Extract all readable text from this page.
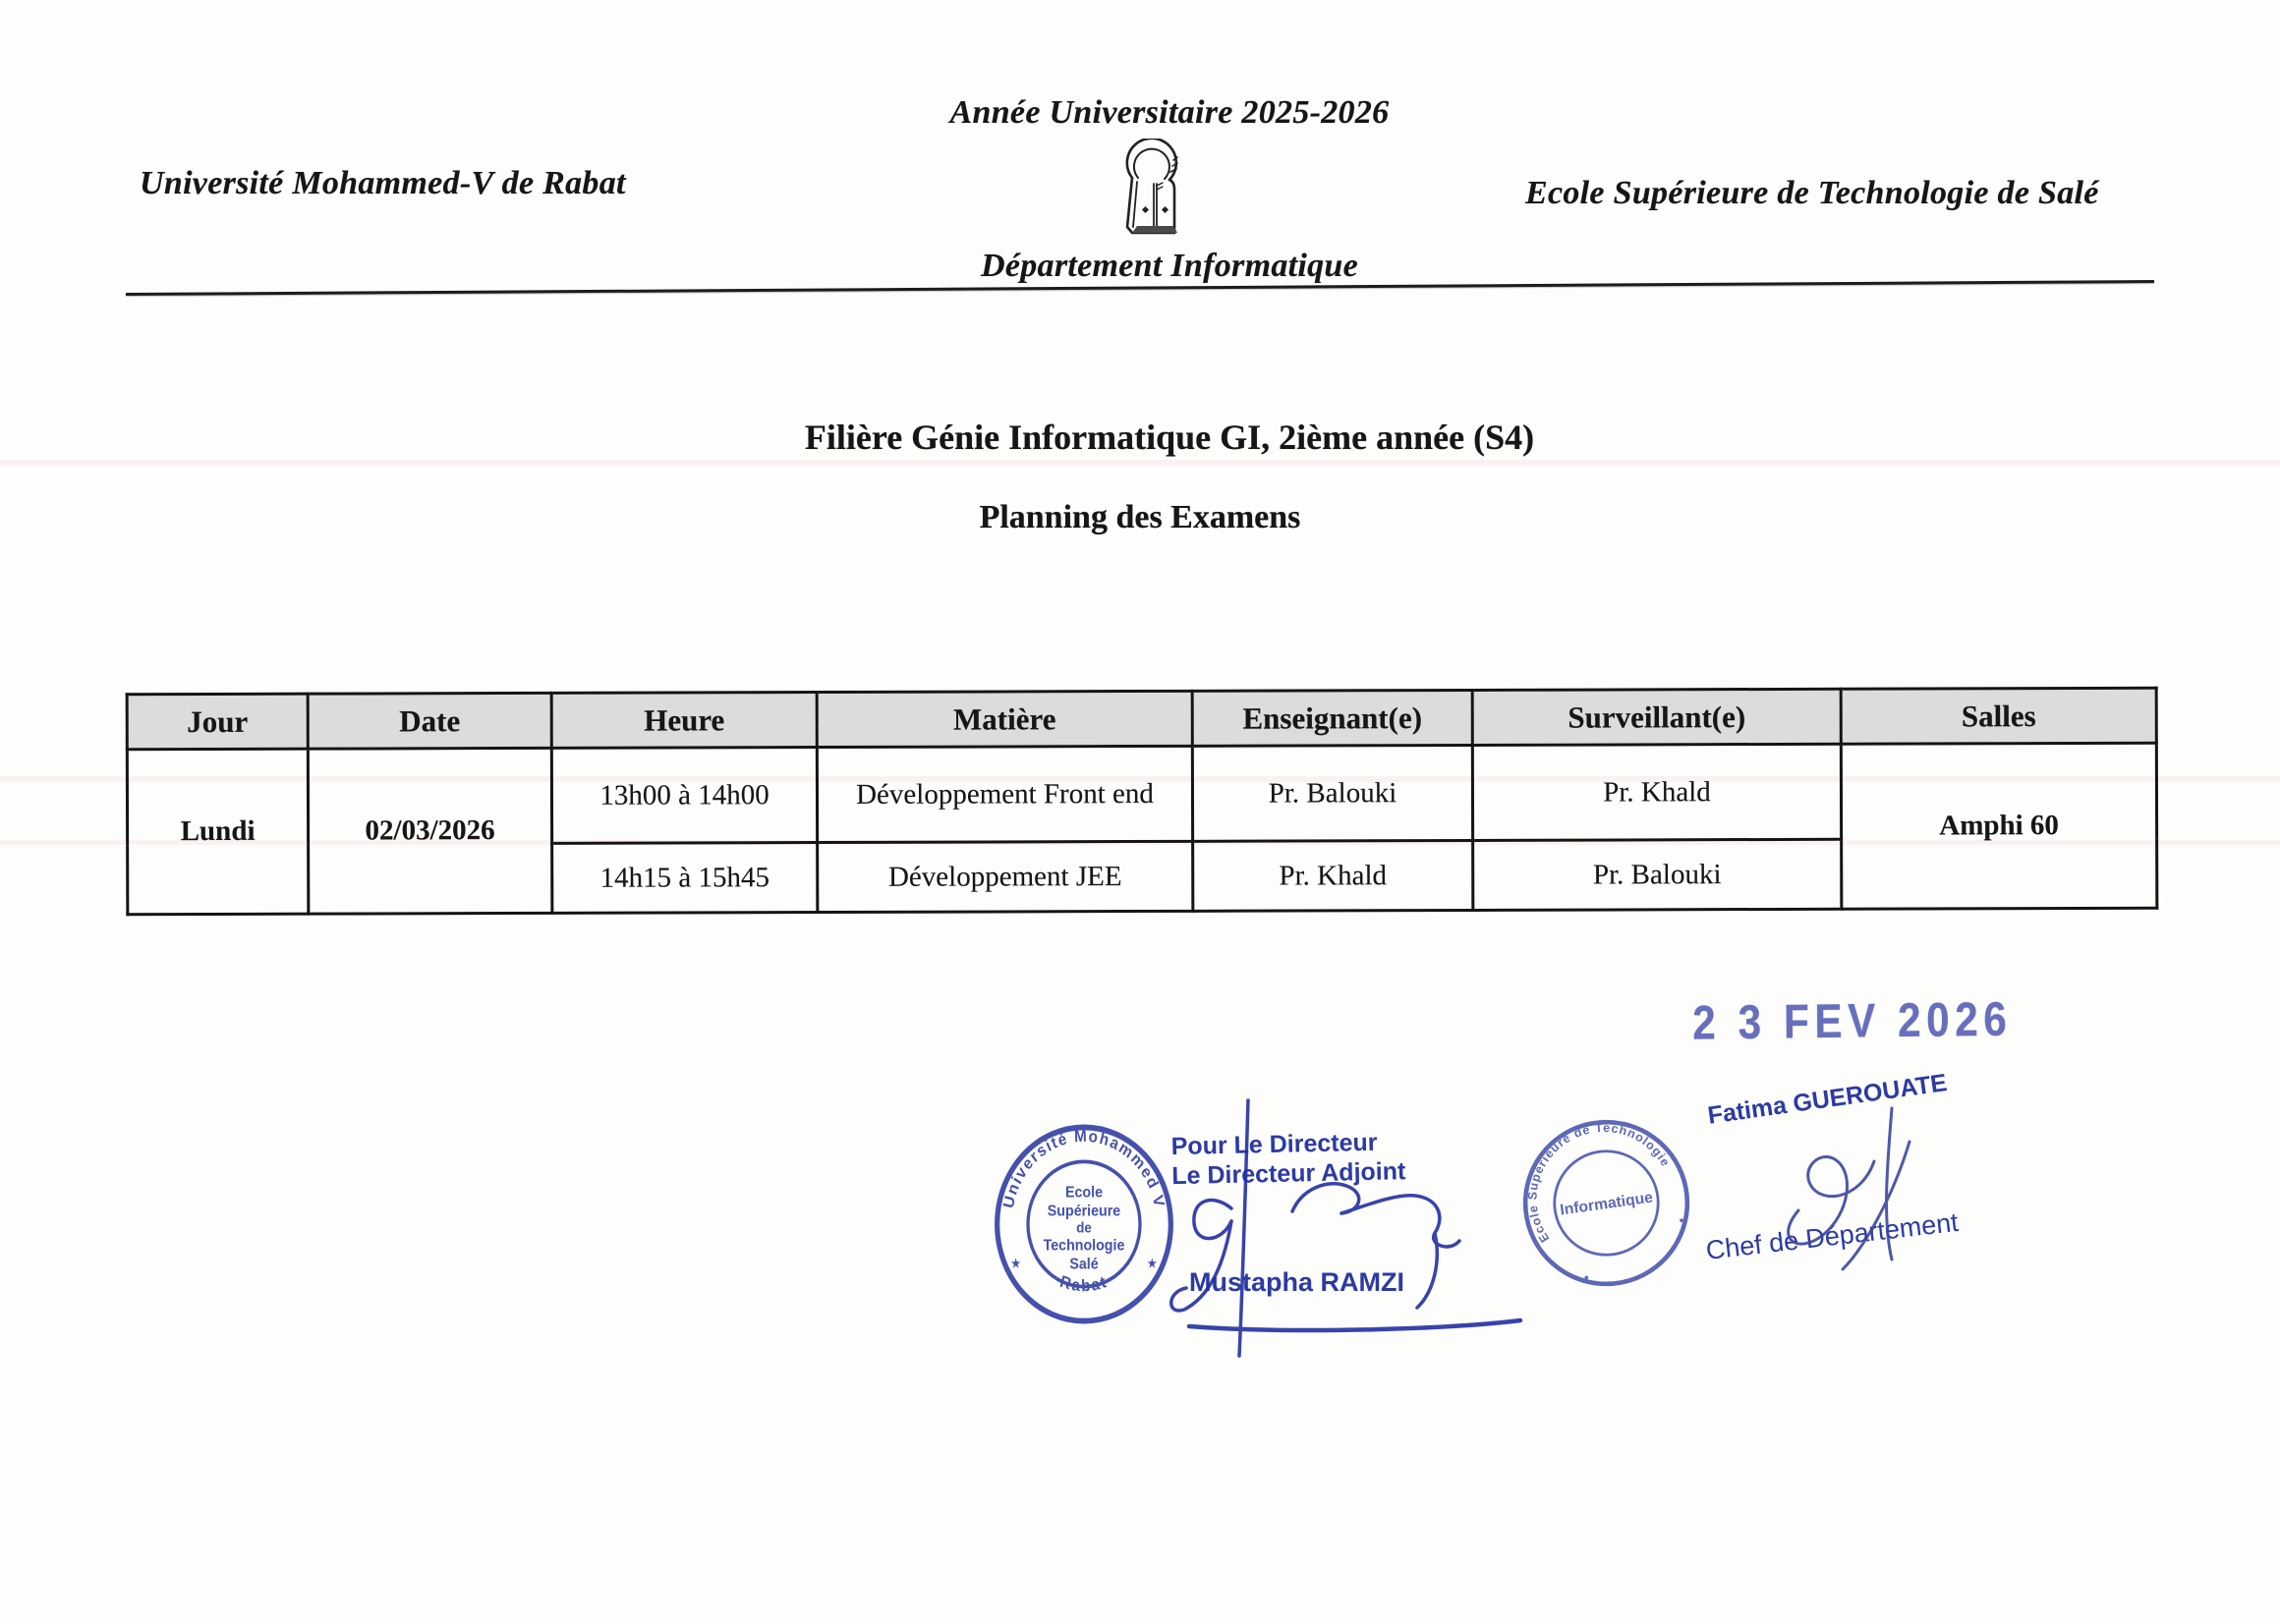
Année Universitaire 2025-2026
Université Mohammed-V de Rabat	Ecole Supérieure de Technologie de Salé
Département Informatique
Filière Génie Informatique GI, 2ième année (S4)
Planning des Examens
Jour	Date	Heure	Matière	Enseignant(e)	Surveillant(e)	Salles
Lundi	02/03/2026	13h00 à 14h00	Développement Front end	Pr. Balouki	Pr. Khald	Amphi 60
		14h15 à 15h45	Développement JEE	Pr. Khald	Pr. Balouki	
2 3 FEV 2026
Université Mohammed V
Rabat
★	★
Ecole
Supérieure
de
Technologie
Salé
Pour Le Directeur
Le Directeur Adjoint
Mustapha RAMZI
Ecole Supérieure de Technologie
Informatique
Fatima GUEROUATE
Chef de Département
